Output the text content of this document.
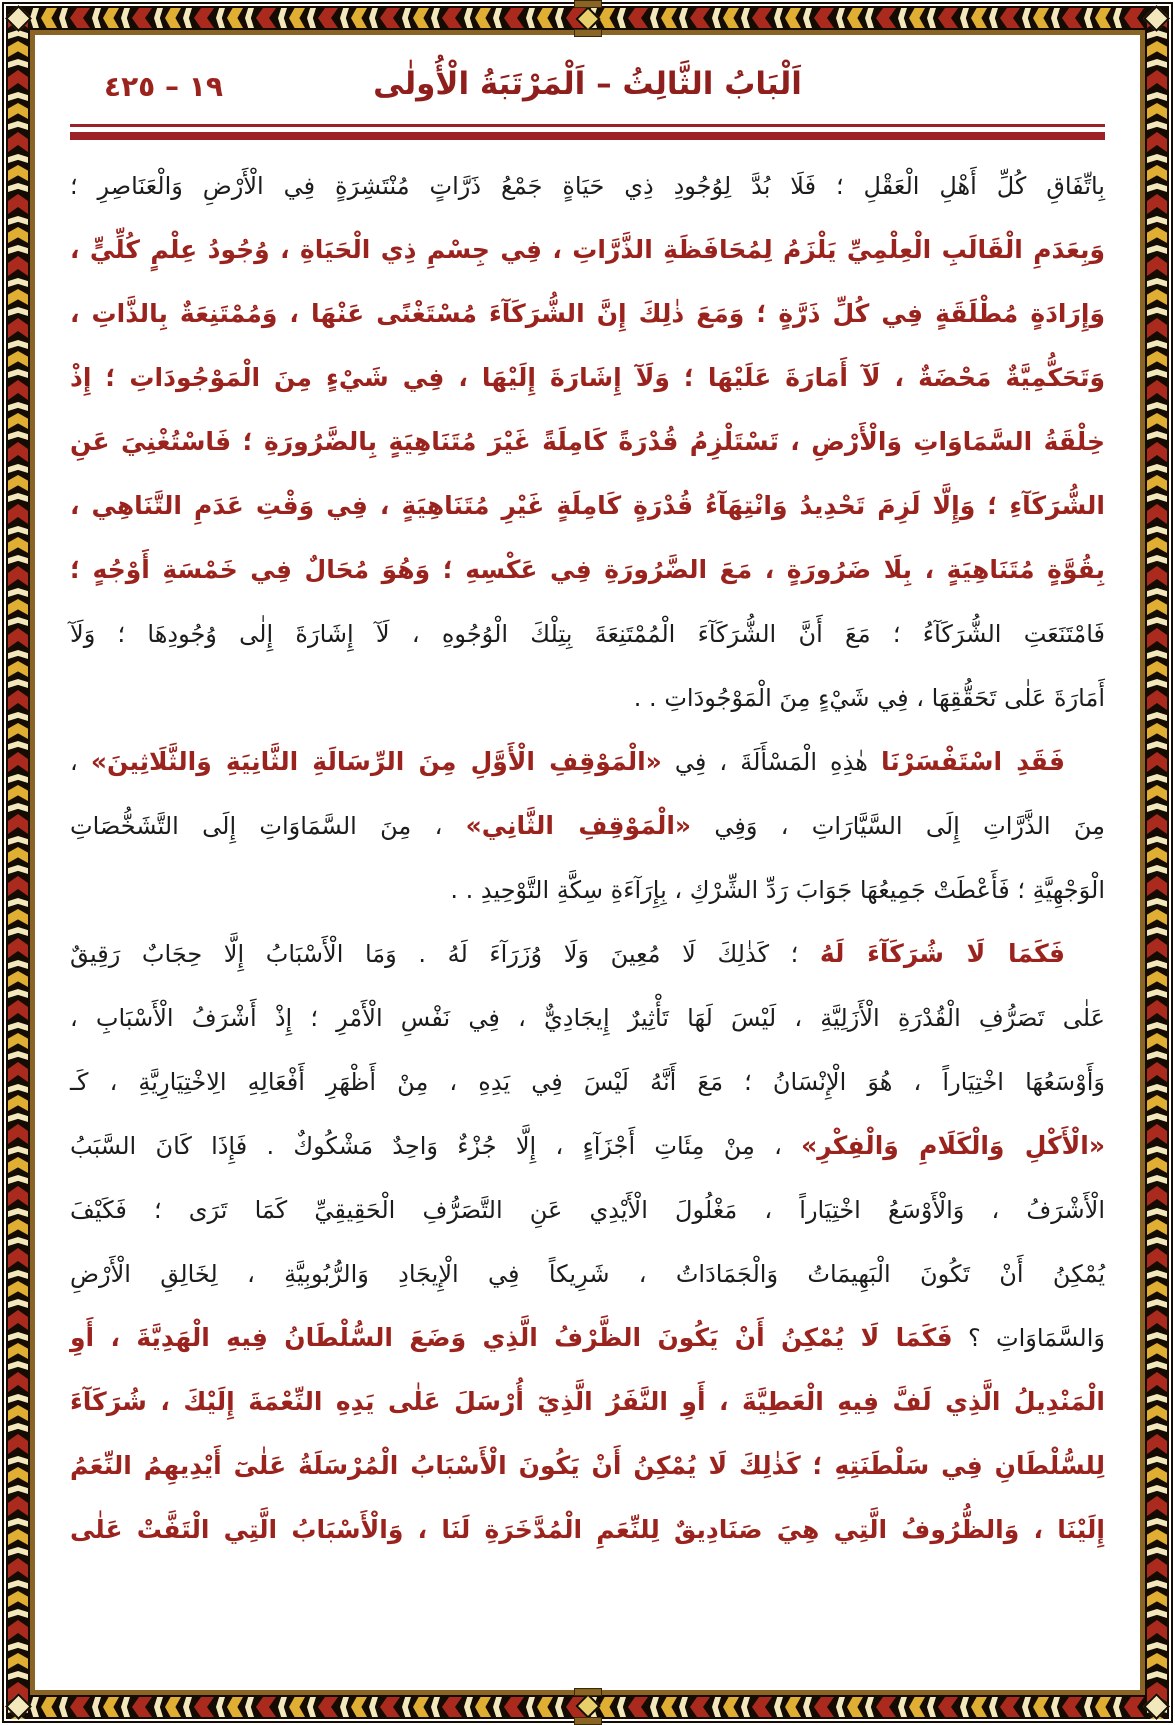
١٩ – ٤٢٥	اَلْبَابُ الثَّالِثُ – اَلْمَرْتَبَةُ الْأُولٰى
بِاتِّفَاقِ كُلِّ أَهْلِ الْعَقْلِ ؛ فَلَا بُدَّ لِوُجُودِ ذِي حَيَاةٍ جَمْعُ ذَرَّاتٍ مُنْتَشِرَةٍ فِي الْأَرْضِ وَالْعَنَاصِرِ ؛
وَبِعَدَمِ الْقَالَبِ الْعِلْمِيِّ يَلْزَمُ لِمُحَافَظَةِ الذَّرَّاتِ ، فِي جِسْمِ ذِي الْحَيَاةِ ، وُجُودُ عِلْمٍ كُلِّيٍّ ،
وَإِرَادَةٍ مُطْلَقَةٍ فِي كُلِّ ذَرَّةٍ ؛ وَمَعَ ذٰلِكَ إِنَّ الشُّرَكَآءَ مُسْتَغْنًى عَنْهَا ، وَمُمْتَنِعَةٌ بِالذَّاتِ ،
وَتَحَكُّمِيَّةٌ مَحْضَةٌ ، لَآ أَمَارَةَ عَلَيْهَا ؛ وَلَآ إِشَارَةَ إِلَيْهَا ، فِي شَيْءٍ مِنَ الْمَوْجُودَاتِ ؛ إِذْ
خِلْقَةُ السَّمَاوَاتِ وَالْأَرْضِ ، تَسْتَلْزِمُ قُدْرَةً كَامِلَةً غَيْرَ مُتَنَاهِيَةٍ بِالضَّرُورَةِ ؛ فَاسْتُغْنِيَ عَنِ
الشُّرَكَآءِ ؛ وَإِلَّا لَزِمَ تَحْدِيدُ وَانْتِهَآءُ قُدْرَةٍ كَامِلَةٍ غَيْرِ مُتَنَاهِيَةٍ ، فِي وَقْتِ عَدَمِ التَّنَاهِي ،
بِقُوَّةٍ مُتَنَاهِيَةٍ ، بِلَا ضَرُورَةٍ ، مَعَ الضَّرُورَةِ فِي عَكْسِهِ ؛ وَهُوَ مُحَالٌ فِي خَمْسَةِ أَوْجُهٍ ؛
فَامْتَنَعَتِ الشُّرَكَآءُ ؛ مَعَ أَنَّ الشُّرَكَآءَ الْمُمْتَنِعَةَ بِتِلْكَ الْوُجُوهِ ، لَآ إِشَارَةَ إِلٰى وُجُودِهَا ؛ وَلَآ
أَمَارَةَ عَلٰى تَحَقُّقِهَا ، فِي شَيْءٍ مِنَ الْمَوْجُودَاتِ . .
فَقَدِ اسْتَفْسَرْنَا هٰذِهِ الْمَسْأَلَةَ ، فِي «الْمَوْقِفِ الْأَوَّلِ مِنَ الرِّسَالَةِ الثَّانِيَةِ وَالثَّلَاثِينَ» ،
مِنَ الذَّرَّاتِ إِلَى السَّيَّارَاتِ ، وَفِي «الْمَوْقِفِ الثَّانِي» ، مِنَ السَّمَاوَاتِ إِلَى التَّشَخُّصَاتِ
الْوَجْهِيَّةِ ؛ فَأَعْطَتْ جَمِيعُهَا جَوَابَ رَدِّ الشِّرْكِ ، بِإِرَآءَةِ سِكَّةِ التَّوْحِيدِ . .
فَكَمَا لَا شُرَكَآءَ لَهُ ؛ كَذٰلِكَ لَا مُعِينَ وَلَا وُزَرَآءَ لَهُ . وَمَا الْأَسْبَابُ إِلَّا حِجَابٌ رَقِيقٌ
عَلٰى تَصَرُّفِ الْقُدْرَةِ الْأَزَلِيَّةِ ، لَيْسَ لَهَا تَأْثِيرٌ إِيجَادِيٌّ ، فِي نَفْسِ الْأَمْرِ ؛ إِذْ أَشْرَفُ الْأَسْبَابِ ،
وَأَوْسَعُهَا اخْتِيَاراً ، هُوَ الْإِنْسَانُ ؛ مَعَ أَنَّهُ لَيْسَ فِي يَدِهِ ، مِنْ أَظْهَرِ أَفْعَالِهِ الِاخْتِيَارِيَّةِ ، كَـ
«الْأَكْلِ وَالْكَلَامِ وَالْفِكْرِ» ، مِنْ مِئَاتِ أَجْزَآءٍ ، إِلَّا جُزْءٌ وَاحِدٌ مَشْكُوكٌ . فَإِذَا كَانَ السَّبَبُ
الْأَشْرَفُ ، وَالْأَوْسَعُ اخْتِيَاراً ، مَغْلُولَ الْأَيْدِي عَنِ التَّصَرُّفِ الْحَقِيقِيِّ كَمَا تَرَى ؛ فَكَيْفَ
يُمْكِنُ أَنْ تَكُونَ الْبَهِيمَاتُ وَالْجَمَادَاتُ ، شَرِيكاً فِي الْإِيجَادِ وَالرُّبُوبِيَّةِ ، لِخَالِقِ الْأَرْضِ
وَالسَّمَاوَاتِ ؟ فَكَمَا لَا يُمْكِنُ أَنْ يَكُونَ الظَّرْفُ الَّذِي وَضَعَ السُّلْطَانُ فِيهِ الْهَدِيَّةَ ، أَوِ
الْمَنْدِيلُ الَّذِي لَفَّ فِيهِ الْعَطِيَّةَ ، أَوِ النَّفَرُ الَّذِيٓ أُرْسَلَ عَلٰى يَدِهِ النِّعْمَةَ إِلَيْكَ ، شُرَكَآءَ
لِلسُّلْطَانِ فِي سَلْطَنَتِهِ ؛ كَذٰلِكَ لَا يُمْكِنُ أَنْ يَكُونَ الْأَسْبَابُ الْمُرْسَلَةُ عَلٰىٓ أَيْدِيهِمُ النِّعَمُ
إِلَيْنَا ، وَالظُّرُوفُ الَّتِي هِيَ صَنَادِيقٌ لِلنِّعَمِ الْمُدَّخَرَةِ لَنَا ، وَالْأَسْبَابُ الَّتِي الْتَفَّتْ عَلٰى
